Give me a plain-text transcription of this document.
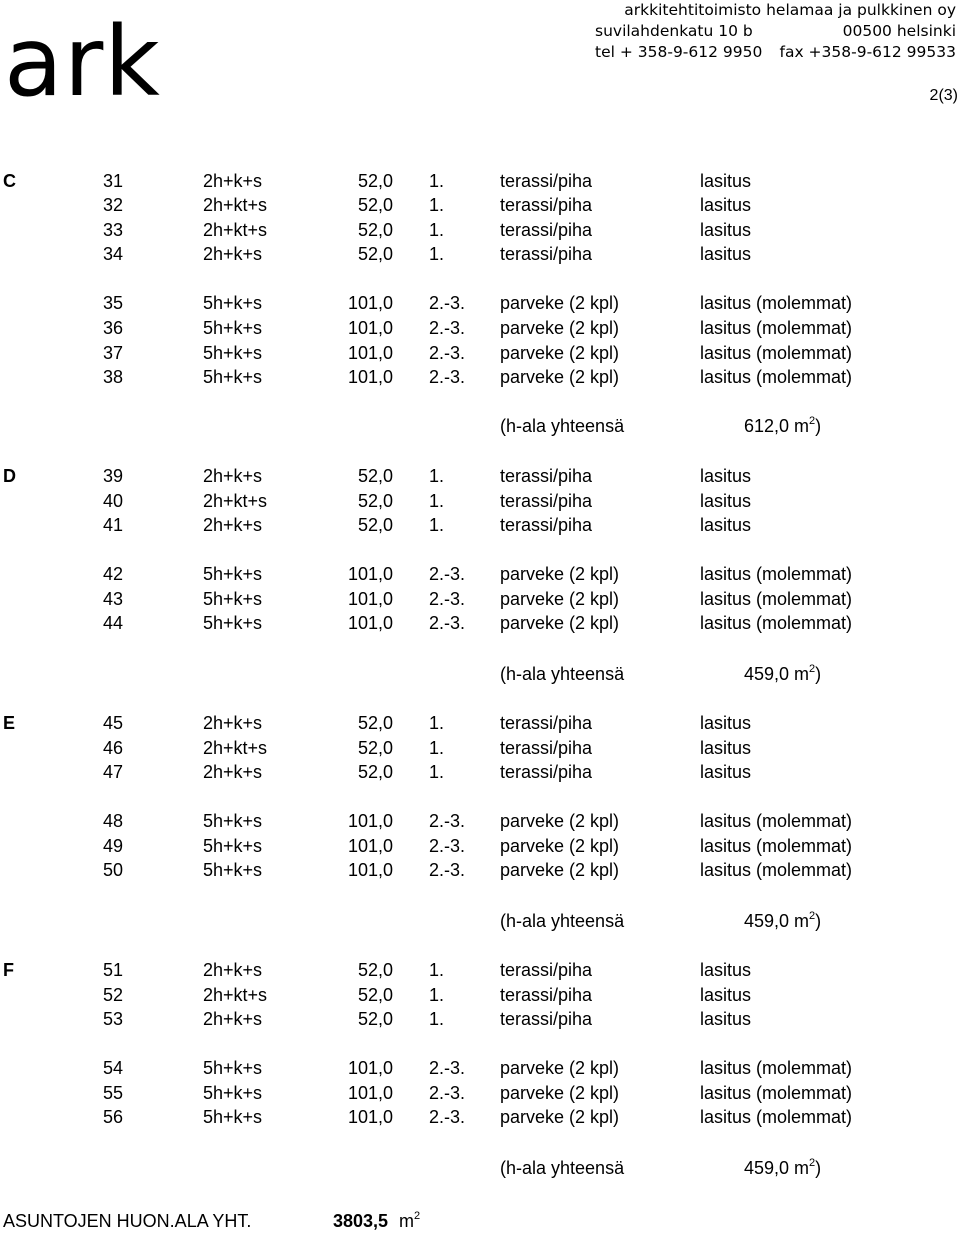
ark	arkkitehtitoimisto helamaa ja pulkkinen oy
suvilahdenkatu 10 b	00500 helsinki
tel + 358-9-612 9950 fax +358-9-612 99533
2(3)
C	31	2h+k+s	52,0 1.	terassi/piha	lasitus
32	2h+kt+s	52,0 1.	terassi/piha	lasitus
33	2h+kt+s	52,0 1.	terassi/piha	lasitus
34	2h+k+s	52,0 1.	terassi/piha	lasitus
35	5h+k+s	101,0 2.-3. parveke (2 kpl)	lasitus (molemmat)
36	5h+k+s	101,0 2.-3. parveke (2 kpl)	lasitus (molemmat)
37	5h+k+s	101,0 2.-3. parveke (2 kpl)	lasitus (molemmat)
38	5h+k+s	101,0 2.-3. parveke (2 kpl)	lasitus (molemmat)
(h-ala yhteensä	612,0 $m^2$)
D	39	2h+k+s	52,0 1.	terassi/piha	lasitus
40	2h+kt+s	52,0 1.	terassi/piha	lasitus
41	2h+k+s	52,0 1.	terassi/piha	lasitus
42	5h+k+s	101,0 2.-3. parveke (2 kpl)	lasitus (molemmat)
43	5h+k+s	101,0 2.-3. parveke (2 kpl)	lasitus (molemmat)
44	5h+k+s	101,0 2.-3. parveke (2 kpl)	lasitus (molemmat)
(h-ala yhteensä	459,0 $m^2$)
E	45	2h+k+s	52,0 1.	terassi/piha	lasitus
46	2h+kt+s	52,0 1.	terassi/piha	lasitus
47	2h+k+s	52,0 1.	terassi/piha	lasitus
48	5h+k+s	101,0 2.-3. parveke (2 kpl)	lasitus (molemmat)
49	5h+k+s	101,0 2.-3. parveke (2 kpl)	lasitus (molemmat)
50	5h+k+s	101,0 2.-3. parveke (2 kpl)	lasitus (molemmat)
(h-ala yhteensä	459,0 $m^2$)
F	51	2h+k+s	52,0 1.	terassi/piha	lasitus
52	2h+kt+s	52,0 1.	terassi/piha	lasitus
53	2h+k+s	52,0 1.	terassi/piha	lasitus
54	5h+k+s	101,0 2.-3. parveke (2 kpl)	lasitus (molemmat)
55	5h+k+s	101,0 2.-3. parveke (2 kpl)	lasitus (molemmat)
56	5h+k+s	101,0 2.-3. parveke (2 kpl)	lasitus (molemmat)
(h-ala yhteensä	459,0 $m^2$)
ASUNTOJEN HUON.ALA YHT.	3803,5 $m^2$
